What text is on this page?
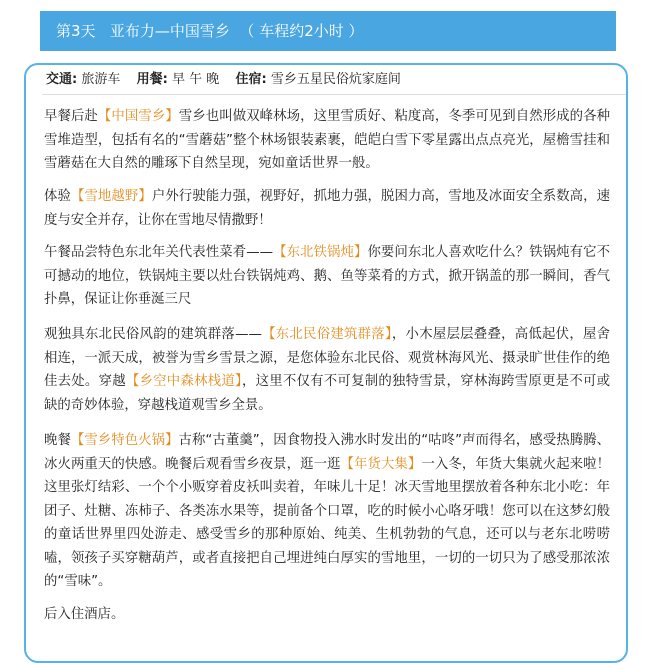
第3天 亚布力—中国雪乡 （ 车程约2小时 ）
交通: 旅游车 用餐: 早 午 晚 住宿: 雪乡五星民俗炕家庭间

早餐后赴【中国雪乡】雪乡也叫做双峰林场，这里雪质好、粘度高，冬季可见到自然形成的各种雪堆造型，包括有名的“雪蘑菇”整个林场银装素裹，皑皑白雪下零星露出点点亮光，屋檐雪挂和雪蘑菇在大自然的雕琢下自然呈现，宛如童话世界一般。

体验【雪地越野】户外行驶能力强，视野好，抓地力强，脱困力高，雪地及冰面安全系数高，速度与安全并存，让你在雪地尽情撒野！

午餐品尝特色东北年关代表性菜肴——【东北铁锅炖】你要问东北人喜欢吃什么？铁锅炖有它不可撼动的地位，铁锅炖主要以灶台铁锅炖鸡、鹅、鱼等菜肴的方式，掀开锅盖的那一瞬间，香气扑鼻，保证让你垂涎三尺

观独具东北民俗风韵的建筑群落——【东北民俗建筑群落】，小木屋层层叠叠，高低起伏，屋舍相连，一派天成，被誉为雪乡雪景之源，是您体验东北民俗、观赏林海风光、摄录旷世佳作的绝佳去处。穿越【乡空中森林栈道】，这里不仅有不可复制的独特雪景，穿林海跨雪原更是不可或缺的奇妙体验，穿越栈道观雪乡全景。

晚餐【雪乡特色火锅】古称“古董羹”，因食物投入沸水时发出的“咕咚”声而得名，感受热腾腾、冰火两重天的快感。晚餐后观看雪乡夜景，逛一逛【年货大集】一入冬，年货大集就火起来啦！这里张灯结彩、一个个小贩穿着皮袄叫卖着，年味儿十足！冰天雪地里摆放着各种东北小吃：年团子、灶糖、冻柿子、各类冻水果等，提前备个口罩，吃的时候小心咯牙哦！您可以在这梦幻般的童话世界里四处游走、感受雪乡的那种原始、纯美、生机勃勃的气息，还可以与老东北唠唠嗑，领孩子买穿糖葫芦，或者直接把自己埋进纯白厚实的雪地里，一切的一切只为了感受那浓浓的“雪味”。

后入住酒店。
